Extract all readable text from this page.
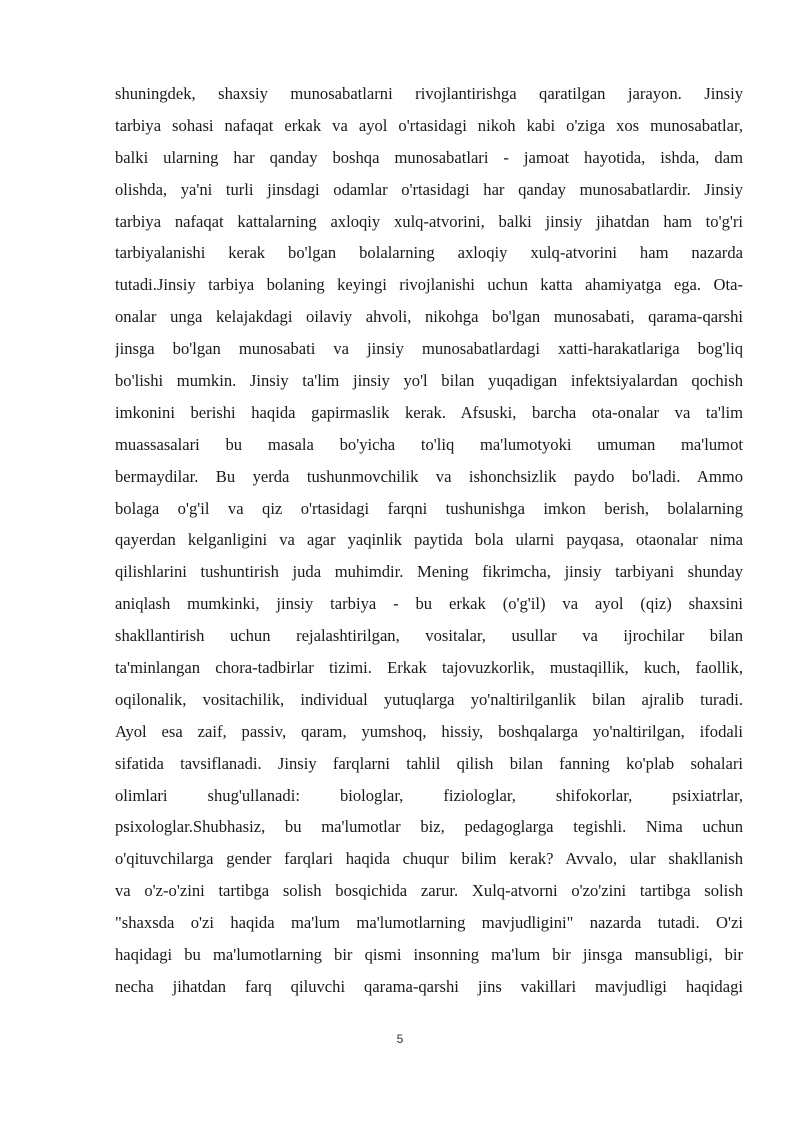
shuningdek, shaxsiy munosabatlarni rivojlantirishga qaratilgan jarayon. Jinsiy
tarbiya sohasi nafaqat erkak va ayol o'rtasidagi nikoh kabi o'ziga xos munosabatlar,
balki ularning har qanday boshqa munosabatlari - jamoat hayotida, ishda, dam
olishda, ya'ni turli jinsdagi odamlar o'rtasidagi har qanday munosabatlardir. Jinsiy
tarbiya nafaqat kattalarning axloqiy xulq-atvorini, balki jinsiy jihatdan ham to'g'ri
tarbiyalanishi kerak bo'lgan bolalarning axloqiy xulq-atvorini ham nazarda
tutadi.Jinsiy tarbiya bolaning keyingi rivojlanishi uchun katta ahamiyatga ega. Ota-
onalar unga kelajakdagi oilaviy ahvoli, nikohga bo'lgan munosabati, qarama-qarshi
jinsga bo'lgan munosabati va jinsiy munosabatlardagi xatti-harakatlariga bog'liq
bo'lishi mumkin. Jinsiy ta'lim jinsiy yo'l bilan yuqadigan infektsiyalardan qochish
imkonini berishi haqida gapirmaslik kerak. Afsuski, barcha ota-onalar va ta'lim
muassasalari bu masala bo'yicha to'liq ma'lumotyoki umuman ma'lumot
bermaydilar. Bu yerda tushunmovchilik va ishonchsizlik paydo bo'ladi. Ammo
bolaga o'g'il va qiz o'rtasidagi farqni tushunishga imkon berish, bolalarning
qayerdan kelganligini va agar yaqinlik paytida bola ularni payqasa, otaonalar nima
qilishlarini tushuntirish juda muhimdir. Mening fikrimcha, jinsiy tarbiyani shunday
aniqlash mumkinki, jinsiy tarbiya - bu erkak (o'g'il) va ayol (qiz) shaxsini
shakllantirish uchun rejalashtirilgan, vositalar, usullar va ijrochilar bilan
ta'minlangan chora-tadbirlar tizimi. Erkak tajovuzkorlik, mustaqillik, kuch, faollik,
oqilonalik, vositachilik, individual yutuqlarga yo'naltirilganlik bilan ajralib turadi.
Ayol esa zaif, passiv, qaram, yumshoq, hissiy, boshqalarga yo'naltirilgan, ifodali
sifatida tavsiflanadi. Jinsiy farqlarni tahlil qilish bilan fanning ko'plab sohalari
olimlari shug'ullanadi: biologlar, fiziologlar, shifokorlar, psixiatrlar,
psixologlar.Shubhasiz, bu ma'lumotlar biz, pedagoglarga tegishli. Nima uchun
o'qituvchilarga gender farqlari haqida chuqur bilim kerak? Avvalo, ular shakllanish
va o'z-o'zini tartibga solish bosqichida zarur. Xulq-atvorni o'zo'zini tartibga solish
"shaxsda o'zi haqida ma'lum ma'lumotlarning mavjudligini" nazarda tutadi. O'zi
haqidagi bu ma'lumotlarning bir qismi insonning ma'lum bir jinsga mansubligi, bir
necha jihatdan farq qiluvchi qarama-qarshi jins vakillari mavjudligi haqidagi
5
